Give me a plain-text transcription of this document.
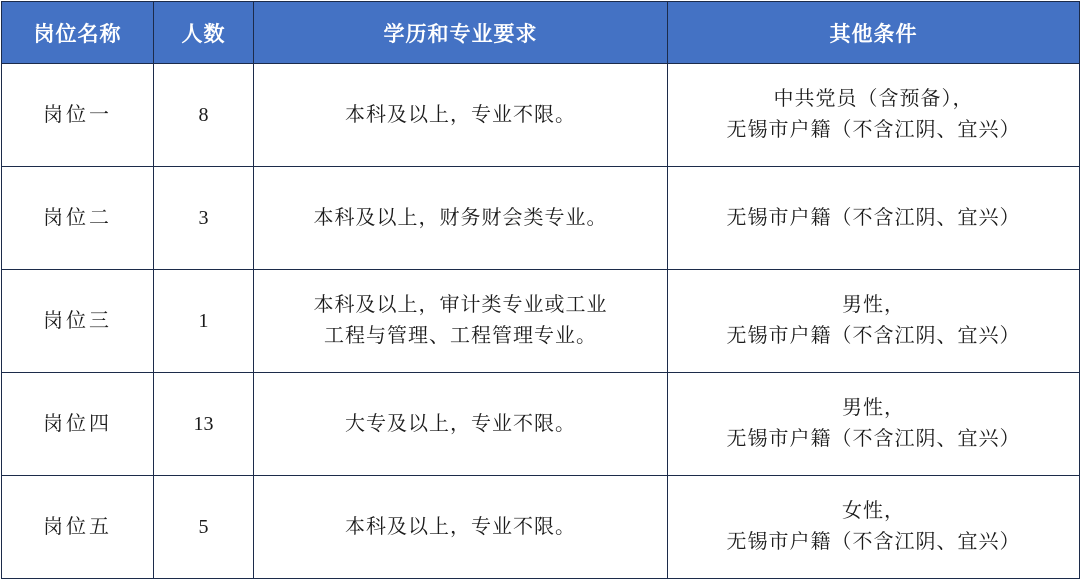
岗位名称	人数	学历和专业要求	其他条件
岗位一	8	本科及以上，专业不限。	中共党员（含预备），
无锡市户籍（不含江阴、宜兴）

岗位二	3	本科及以上，财务财会类专业。	无锡市户籍（不含江阴、宜兴）

岗位三	1	本科及以上，审计类专业或工业
工程与管理、工程管理专业。	男性，
无锡市户籍（不含江阴、宜兴）

岗位四	13	大专及以上，专业不限。	男性，
无锡市户籍（不含江阴、宜兴）

岗位五	5	本科及以上，专业不限。	女性，
无锡市户籍（不含江阴、宜兴）
